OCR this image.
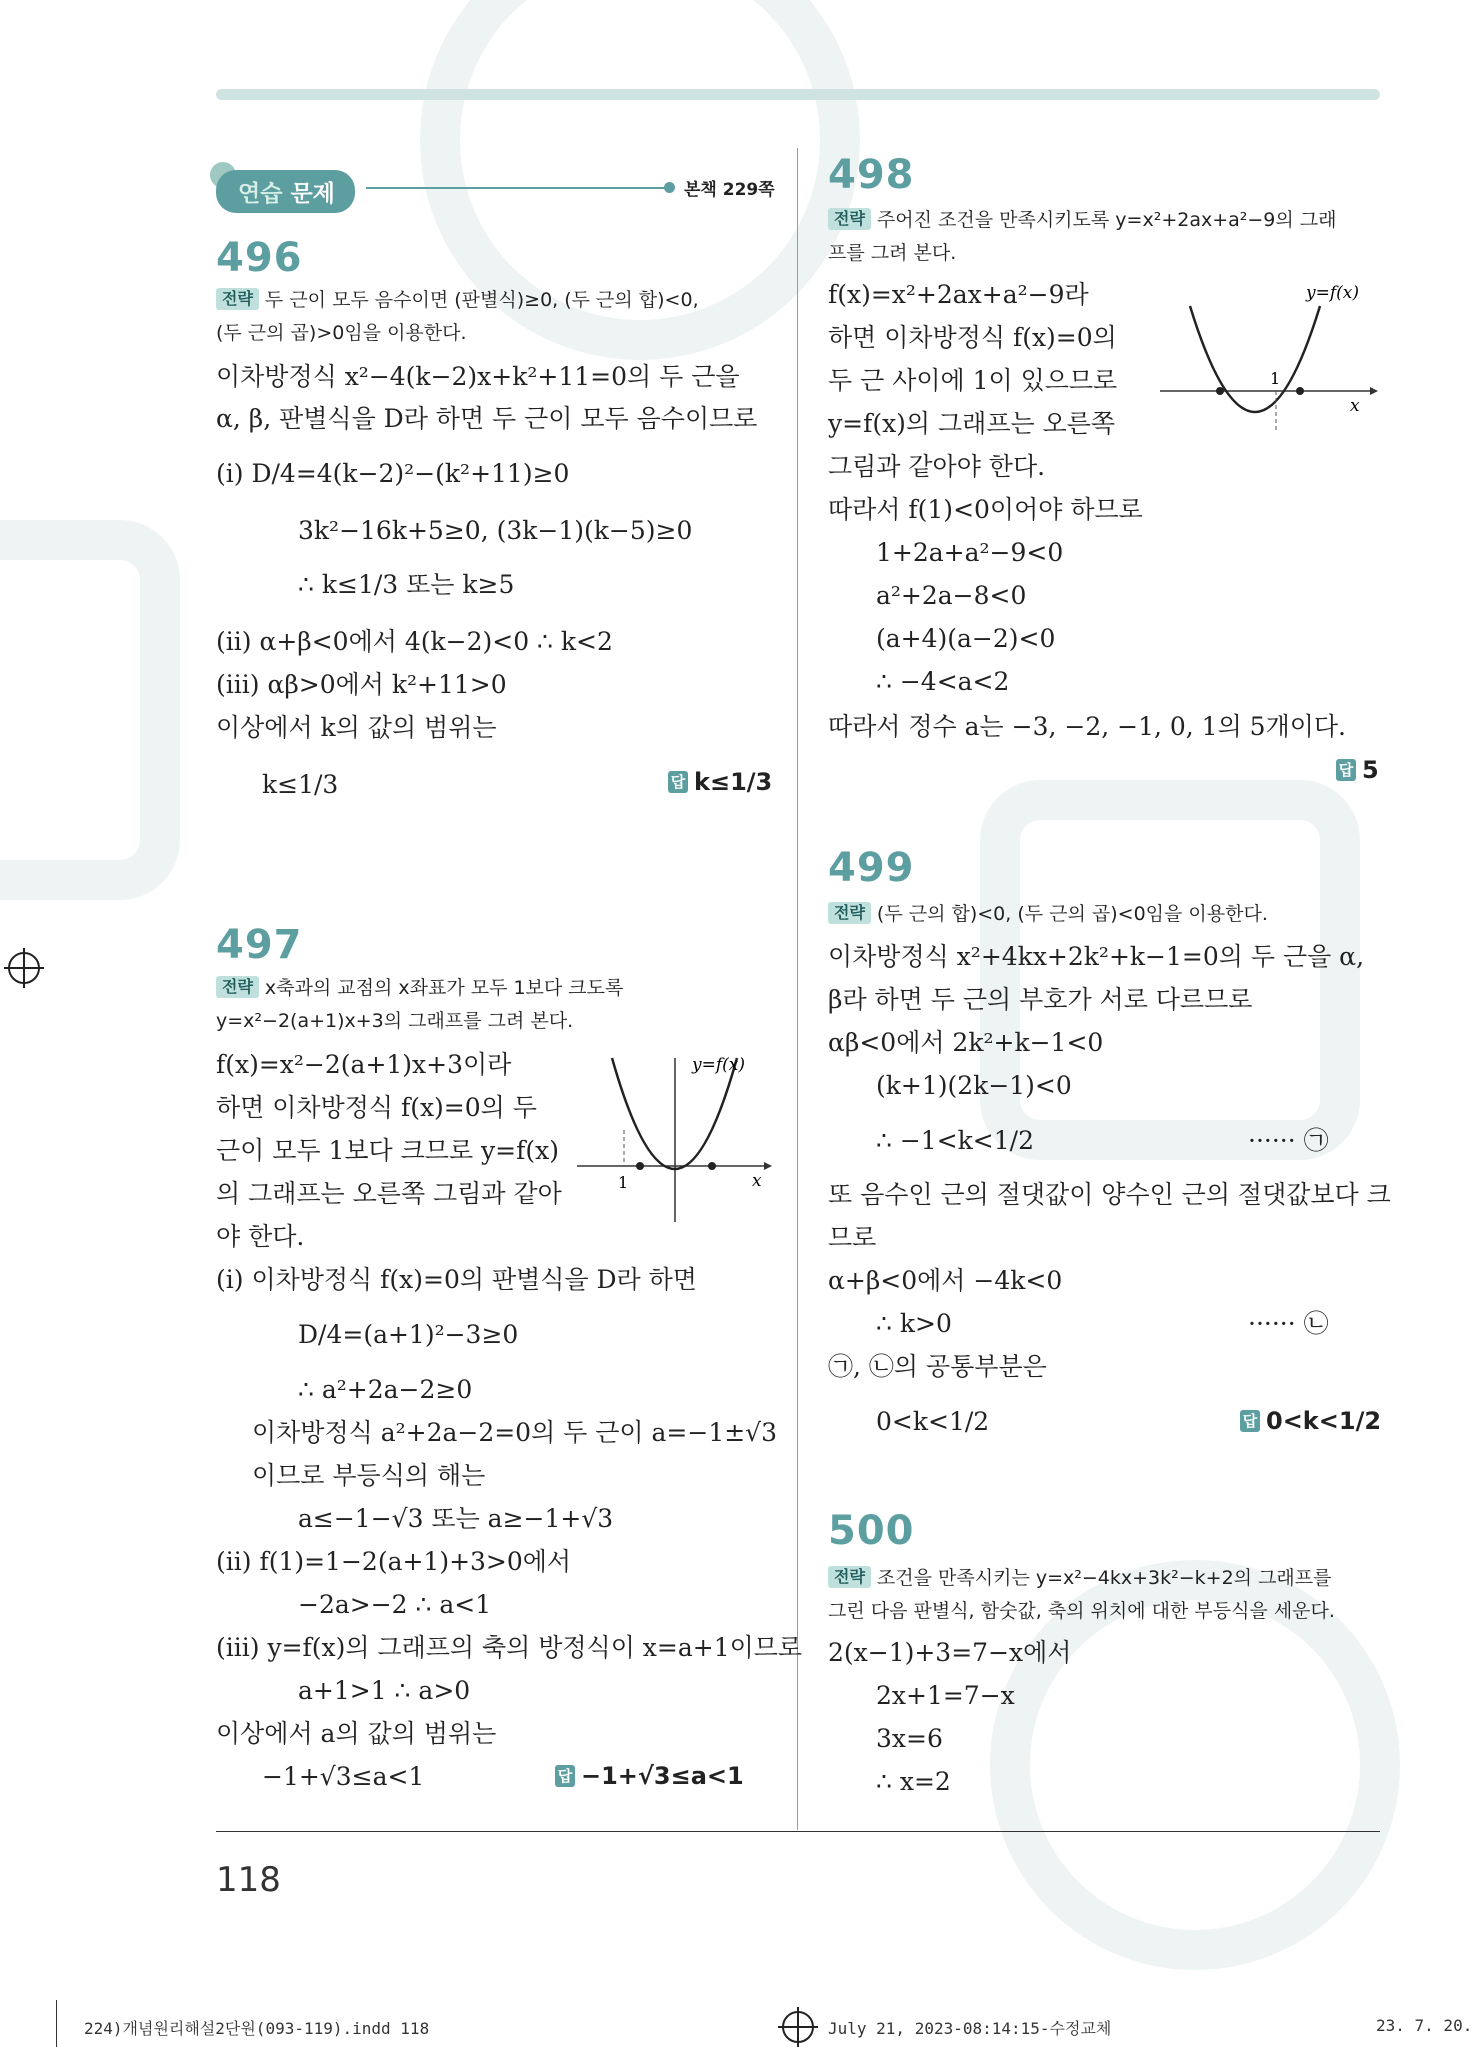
연습 문제	본책 229쪽
496
전략 두 근이 모두 음수이면 (판별식)≥0, (두 근의 합)<0,
(두 근의 곱)>0임을 이용한다.
이차방정식 x²−4(k−2)x+k²+11=0의 두 근을
α, β, 판별식을 D라 하면 두 근이 모두 음수이므로
(i) D/4=4(k−2)²−(k²+11)≥0
3k²−16k+5≥0, (3k−1)(k−5)≥0
∴ k≤1/3 또는 k≥5
(ii) α+β<0에서 4(k−2)<0 ∴ k<2
(iii) αβ>0에서 k²+11>0
이상에서 k의 값의 범위는
k≤1/3	답 k≤1/3
497
전략 x축과의 교점의 x좌표가 모두 1보다 크도록
y=x²−2(a+1)x+3의 그래프를 그려 본다.
f(x)=x²−2(a+1)x+3이라
하면 이차방정식 f(x)=0의 두
근이 모두 1보다 크므로 y=f(x)
의 그래프는 오른쪽 그림과 같아
야 한다.
y=f(x)
x
1
(i) 이차방정식 f(x)=0의 판별식을 D라 하면
D/4=(a+1)²−3≥0
∴ a²+2a−2≥0
이차방정식 a²+2a−2=0의 두 근이 a=−1±√3
이므로 부등식의 해는
a≤−1−√3 또는 a≥−1+√3
(ii) f(1)=1−2(a+1)+3>0에서
−2a>−2 ∴ a<1
(iii) y=f(x)의 그래프의 축의 방정식이 x=a+1이므로
a+1>1 ∴ a>0
이상에서 a의 값의 범위는
−1+√3≤a<1	답 −1+√3≤a<1
498
전략 주어진 조건을 만족시키도록 y=x²+2ax+a²−9의 그래
프를 그려 본다.
f(x)=x²+2ax+a²−9라
하면 이차방정식 f(x)=0의
두 근 사이에 1이 있으므로
y=f(x)의 그래프는 오른쪽
그림과 같아야 한다.
y=f(x)
x
1
따라서 f(1)<0이어야 하므로
1+2a+a²−9<0
a²+2a−8<0
(a+4)(a−2)<0
∴ −4<a<2
따라서 정수 a는 −3, −2, −1, 0, 1의 5개이다.
답 5
499
전략 (두 근의 합)<0, (두 근의 곱)<0임을 이용한다.
이차방정식 x²+4kx+2k²+k−1=0의 두 근을 α,
β라 하면 두 근의 부호가 서로 다르므로
αβ<0에서 2k²+k−1<0
(k+1)(2k−1)<0
∴ −1<k<1/2	······ ㉠
또 음수인 근의 절댓값이 양수인 근의 절댓값보다 크
므로
α+β<0에서 −4k<0
∴ k>0	······ ㉡
㉠, ㉡의 공통부분은
0<k<1/2	답 0<k<1/2
500
전략 조건을 만족시키는 y=x²−4kx+3k²−k+2의 그래프를
그린 다음 판별식, 함숫값, 축의 위치에 대한 부등식을 세운다.
2(x−1)+3=7−x에서
2x+1=7−x
3x=6
∴ x=2
118
224)개념원리해설2단원(093-119).indd 118	July 21, 2023-08:14:15-수정교체	23. 7. 20.
